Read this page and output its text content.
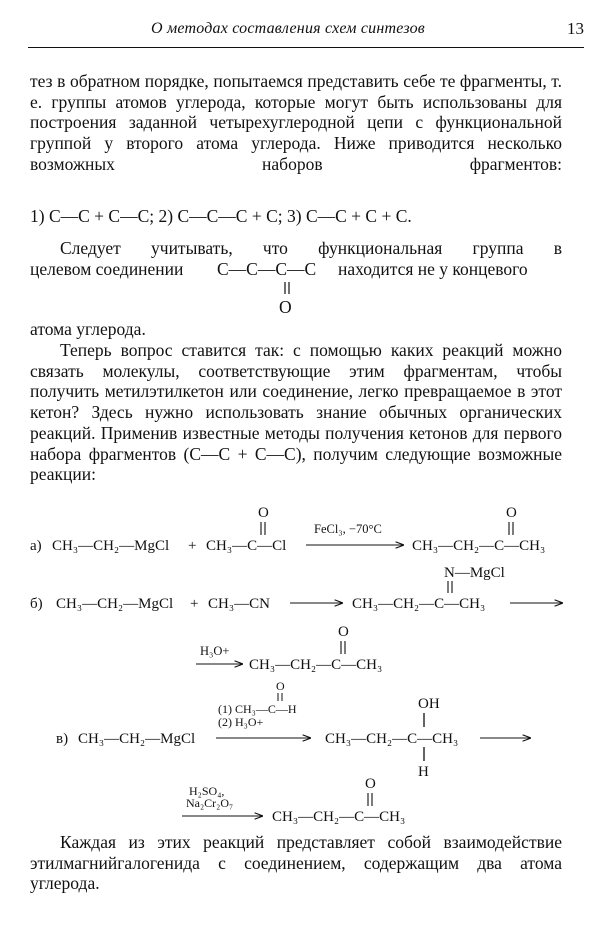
О методах составления схем синтезов	13
тез в обратном порядке, попытаемся представить себе те фрагменты, т. е. группы атомов углерода, которые могут быть использованы для построения заданной четырехуглеродной цепи с функциональной группой у второго атома углерода. Ниже приводится несколько возможных наборов фрагментов:
1) С—С + С—С; 2) С—С—С + С; 3) С—С + С + С.
Следует учитывать, что функциональная группа в
целевом соединении С—С—С—С находится не у концевого
O
атома углерода.
Теперь вопрос ставится так: с помощью каких реакций можно связать молекулы, соответствующие этим фрагментам, чтобы получить метилэтилкетон или соединение, легко превращаемое в этот кетон? Здесь нужно использовать знание обычных органических реакций. Применив известные методы получения кетонов для первого набора фрагментов (С—С + С—С), получим следующие возможные реакции:
а) CH₃—CH₂—MgCl + CH₃—C—Cl
O
FeCl₃, −70°C
CH₃—CH₂—C—CH₃
O
N—MgCl
б) CH₃—CH₂—MgCl + CH₃—CN	CH₃—CH₂—C—CH₃
H₃O+
CH₃—CH₂—C—CH₃
O
O
(1) CH₃—C—H
(2) H₃O+
OH
в) CH₃—CH₂—MgCl	CH₃—CH₂—C—CH₃
H
H₂SO₄,
Na₂Cr₂O₇
CH₃—CH₂—C—CH₃
O
Каждая из этих реакций представляет собой взаимодействие этилмагнийгалогенида с соединением, содержащим два атома углерода.
